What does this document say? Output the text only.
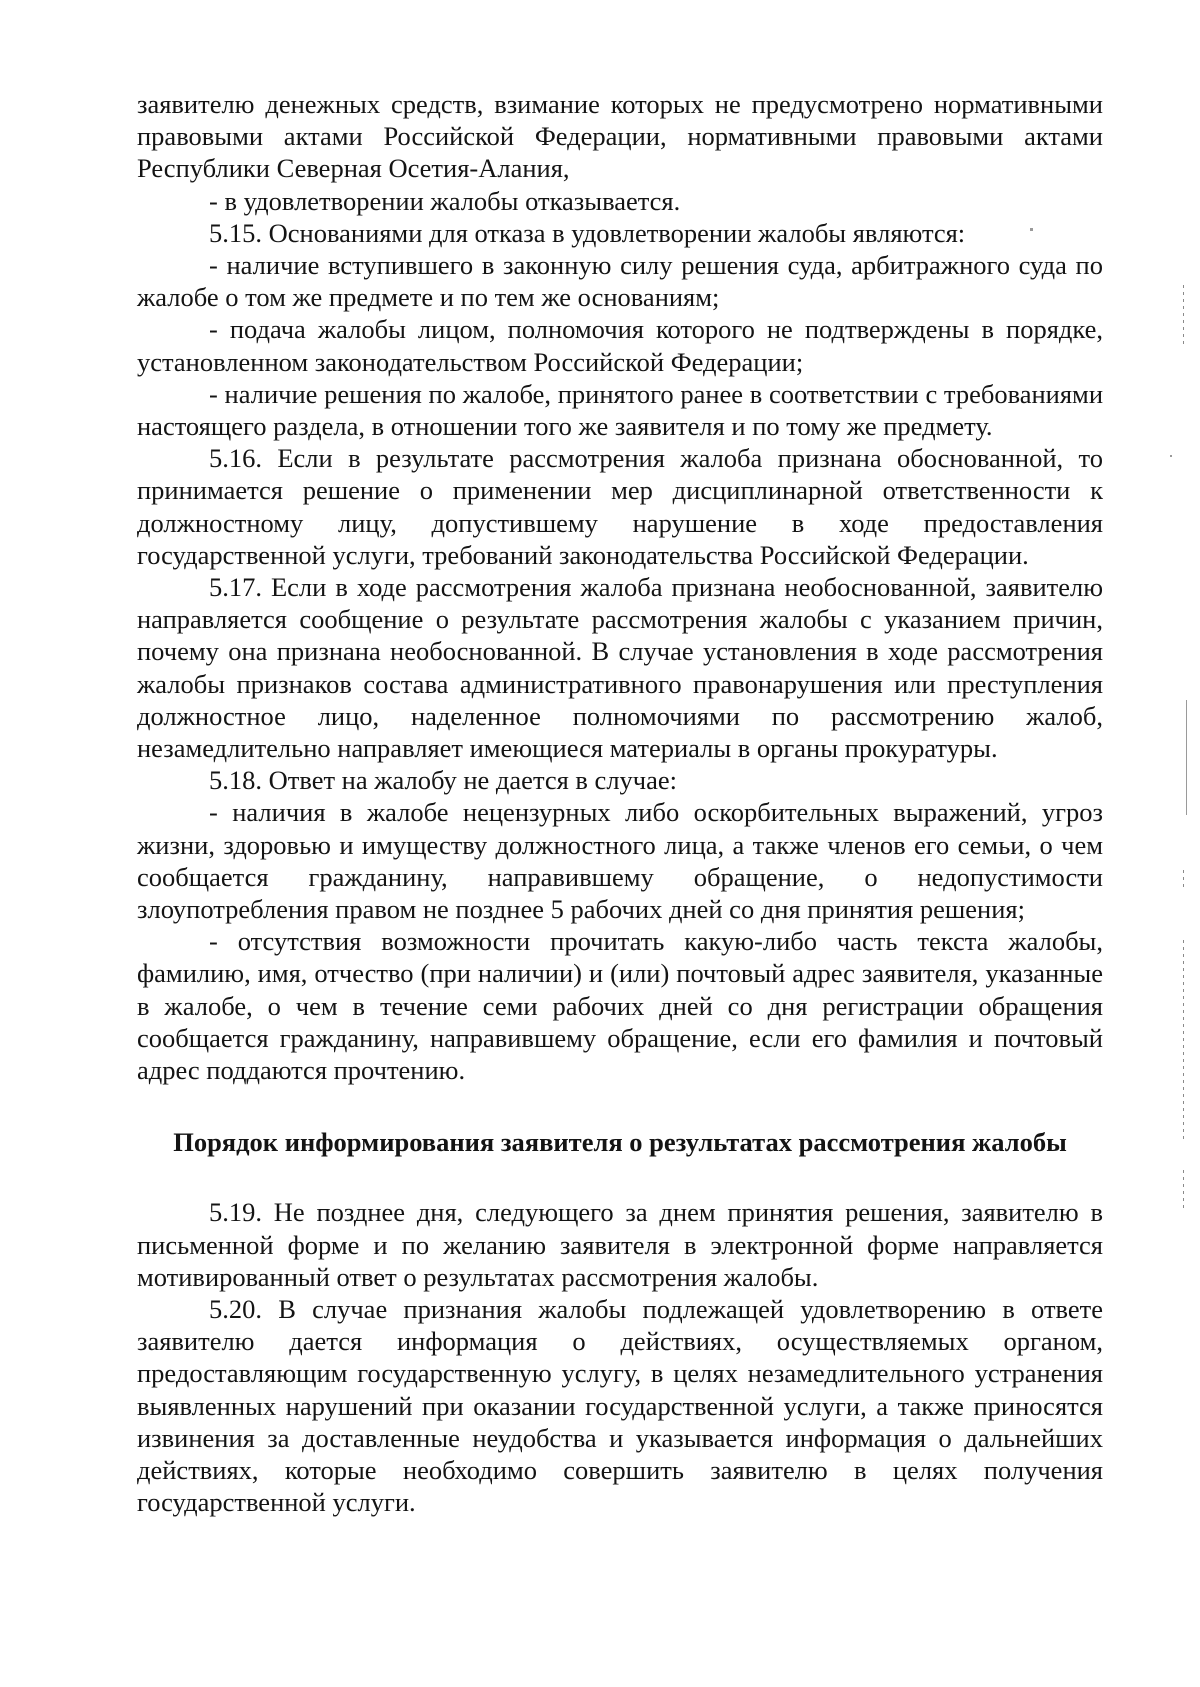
заявителю денежных средств, взимание которых не предусмотрено нормативными правовыми актами Российской Федерации, нормативными правовыми актами Республики Северная Осетия-Алания,

- в удовлетворении жалобы отказывается.

5.15. Основаниями для отказа в удовлетворении жалобы являются:

- наличие вступившего в законную силу решения суда, арбитражного суда по жалобе о том же предмете и по тем же основаниям;

- подача жалобы лицом, полномочия которого не подтверждены в порядке, установленном законодательством Российской Федерации;

- наличие решения по жалобе, принятого ранее в соответствии с требованиями настоящего раздела, в отношении того же заявителя и по тому же предмету.

5.16. Если в результате рассмотрения жалоба признана обоснованной, то принимается решение о применении мер дисциплинарной ответственности к должностному лицу, допустившему нарушение в ходе предоставления государственной услуги, требований законодательства Российской Федерации.

5.17. Если в ходе рассмотрения жалоба признана необоснованной, заявителю направляется сообщение о результате рассмотрения жалобы с указанием причин, почему она признана необоснованной. В случае установления в ходе рассмотрения жалобы признаков состава административного правонарушения или преступления должностное лицо, наделенное полномочиями по рассмотрению жалоб, незамедлительно направляет имеющиеся материалы в органы прокуратуры.

5.18. Ответ на жалобу не дается в случае:

- наличия в жалобе нецензурных либо оскорбительных выражений, угроз жизни, здоровью и имуществу должностного лица, а также членов его семьи, о чем сообщается гражданину, направившему обращение, о недопустимости злоупотребления правом не позднее 5 рабочих дней со дня принятия решения;

- отсутствия возможности прочитать какую-либо часть текста жалобы, фамилию, имя, отчество (при наличии) и (или) почтовый адрес заявителя, указанные в жалобе, о чем в течение семи рабочих дней со дня регистрации обращения сообщается гражданину, направившему обращение, если его фамилия и почтовый адрес поддаются прочтению.

Порядок информирования заявителя о результатах рассмотрения жалобы

5.19. Не позднее дня, следующего за днем принятия решения, заявителю в письменной форме и по желанию заявителя в электронной форме направляется мотивированный ответ о результатах рассмотрения жалобы.

5.20. В случае признания жалобы подлежащей удовлетворению в ответе заявителю дается информация о действиях, осуществляемых органом, предоставляющим государственную услугу, в целях незамедлительного устранения выявленных нарушений при оказании государственной услуги, а также приносятся извинения за доставленные неудобства и указывается информация о дальнейших действиях, которые необходимо совершить заявителю в целях получения государственной услуги.
